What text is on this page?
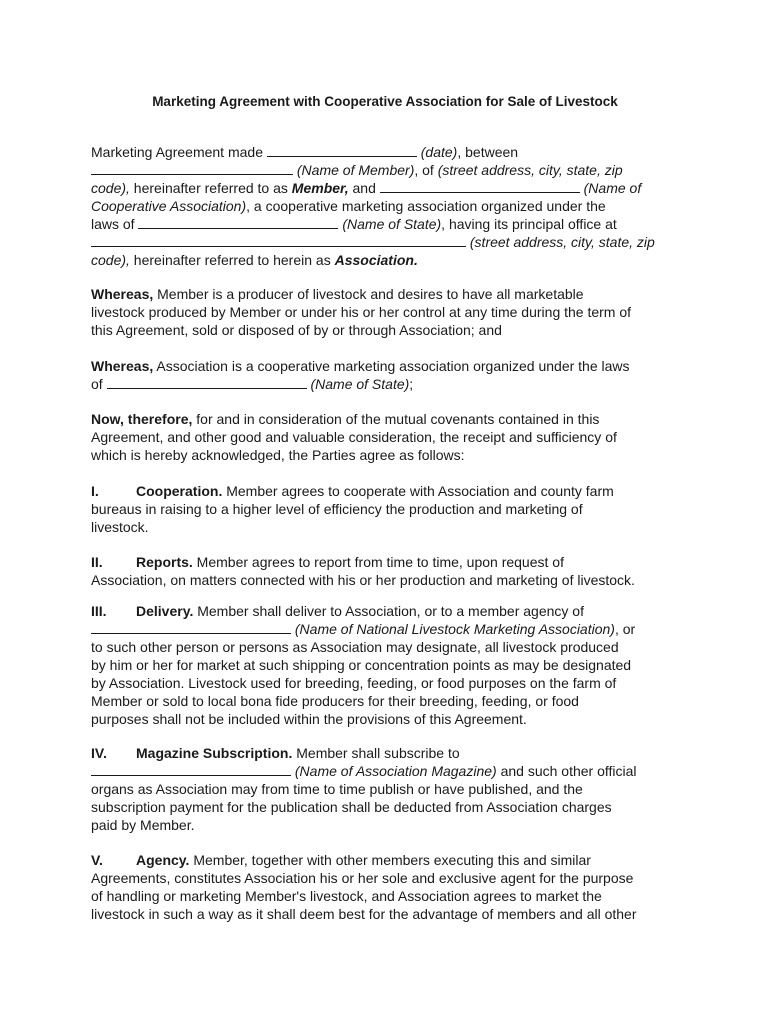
Marketing Agreement with Cooperative Association for Sale of Livestock
Marketing Agreement made	(date), between
(Name of Member), of (street address, city, state, zip
code), hereinafter referred to as Member, and	(Name of
Cooperative Association), a cooperative marketing association organized under the
laws of	(Name of State), having its principal office at
(street address, city, state, zip
code), hereinafter referred to herein as Association.
Whereas, Member is a producer of livestock and desires to have all marketable
livestock produced by Member or under his or her control at any time during the term of
this Agreement, sold or disposed of by or through Association; and
Whereas, Association is a cooperative marketing association organized under the laws
of	(Name of State);
Now, therefore, for and in consideration of the mutual covenants contained in this
Agreement, and other good and valuable consideration, the receipt and sufficiency of
which is hereby acknowledged, the Parties agree as follows:
I.	Cooperation. Member agrees to cooperate with Association and county farm
bureaus in raising to a higher level of efficiency the production and marketing of
livestock.
II. Reports. Member agrees to report from time to time, upon request of
Association, on matters connected with his or her production and marketing of livestock.
III. Delivery. Member shall deliver to Association, or to a member agency of
(Name of National Livestock Marketing Association), or
to such other person or persons as Association may designate, all livestock produced
by him or her for market at such shipping or concentration points as may be designated
by Association. Livestock used for breeding, feeding, or food purposes on the farm of
Member or sold to local bona fide producers for their breeding, feeding, or food
purposes shall not be included within the provisions of this Agreement.
IV. Magazine Subscription. Member shall subscribe to
(Name of Association Magazine) and such other official
organs as Association may from time to time publish or have published, and the
subscription payment for the publication shall be deducted from Association charges
paid by Member.
V. Agency. Member, together with other members executing this and similar
Agreements, constitutes Association his or her sole and exclusive agent for the purpose
of handling or marketing Member's livestock, and Association agrees to market the
livestock in such a way as it shall deem best for the advantage of members and all other
